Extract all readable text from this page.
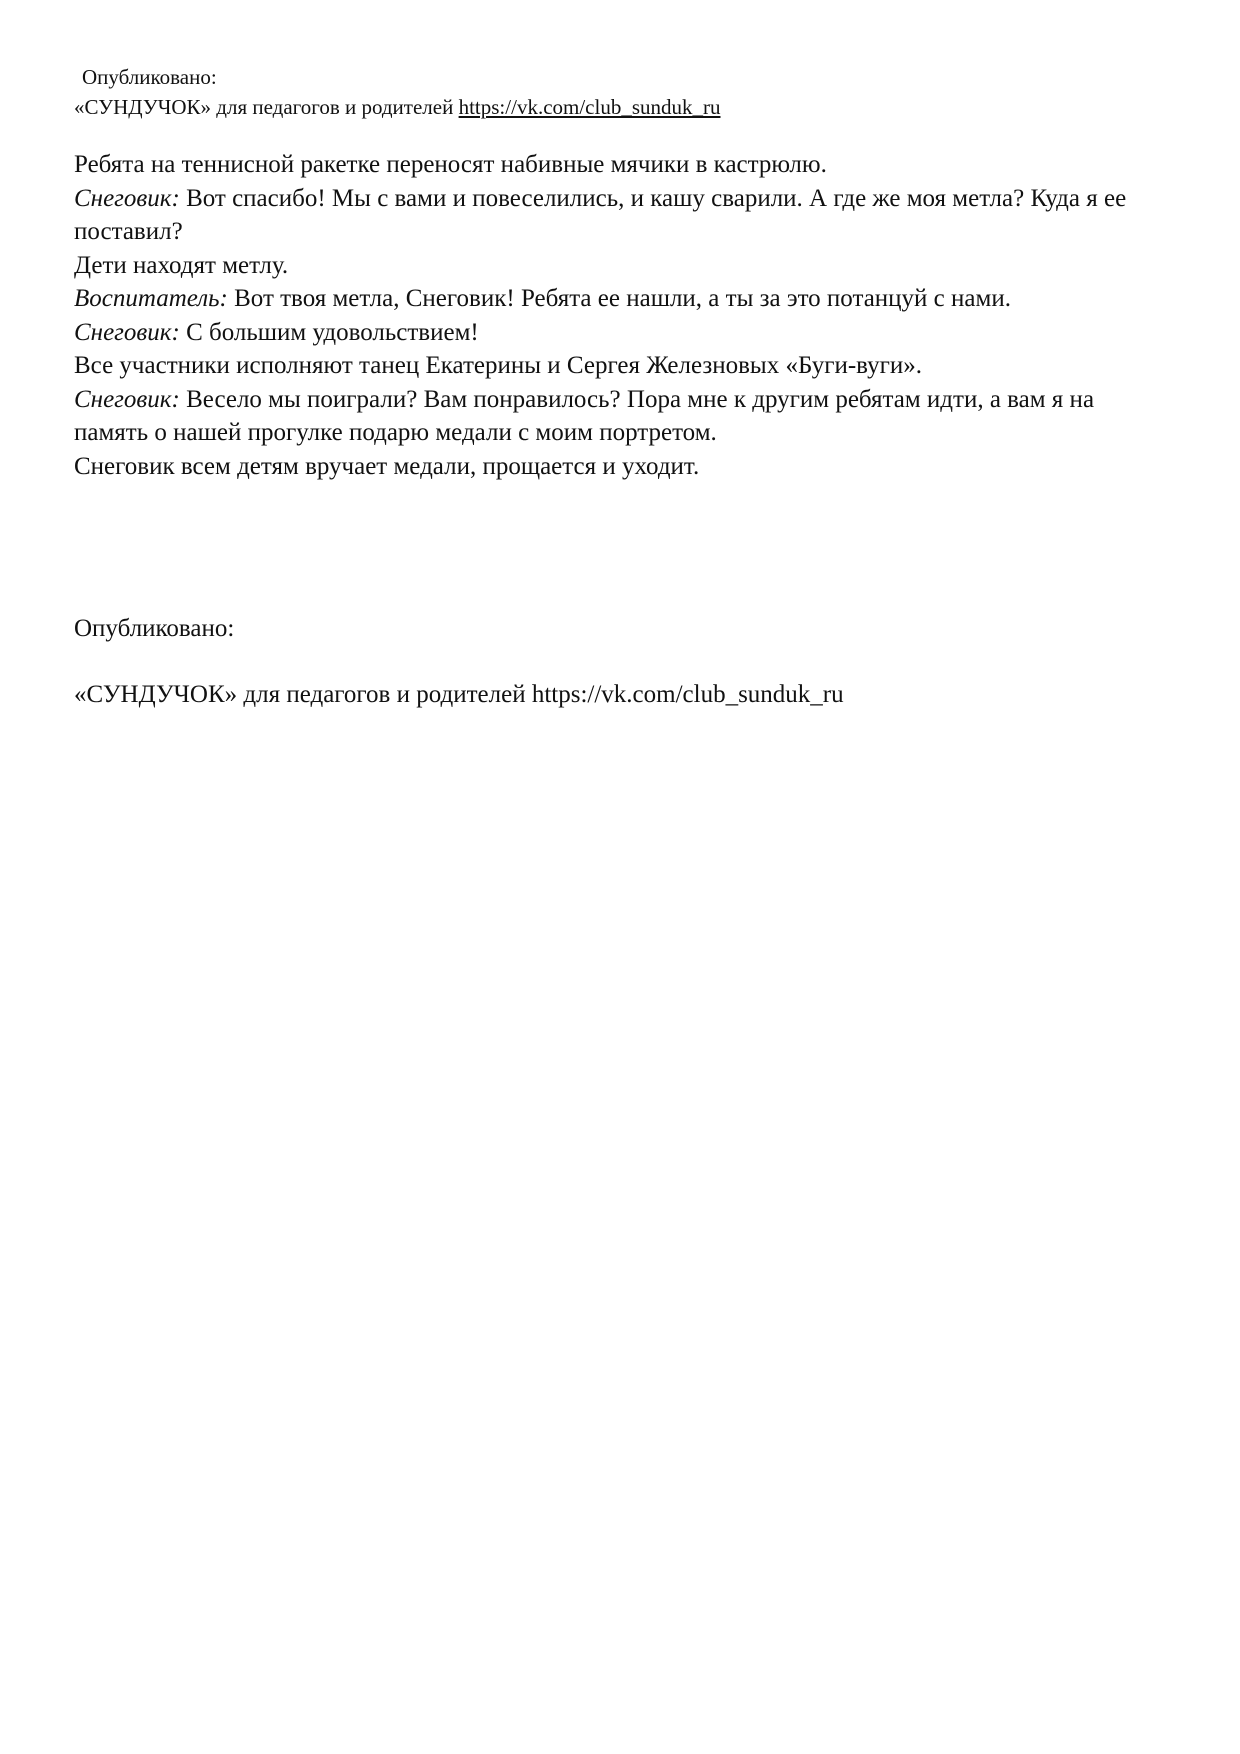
Опубликовано:
«СУНДУЧОК» для педагогов и родителей https://vk.com/club_sunduk_ru

Ребята на теннисной ракетке переносят набивные мячики в кастрюлю.

Снеговик: Вот спасибо! Мы с вами и повеселились, и кашу сварили. А где же моя метла? Куда я ее поставил?

Дети находят метлу.

Воспитатель: Вот твоя метла, Снеговик! Ребята ее нашли, а ты за это потанцуй с нами.

Снеговик: С большим удовольствием!

Все участники исполняют танец Екатерины и Сергея Железновых «Буги-вуги».

Снеговик: Весело мы поиграли? Вам понравилось? Пора мне к другим ребятам идти, а вам я на память о нашей прогулке подарю медали с моим портретом.

Снеговик всем детям вручает медали, прощается и уходит.

Опубликовано:

«СУНДУЧОК» для педагогов и родителей https://vk.com/club_sunduk_ru
